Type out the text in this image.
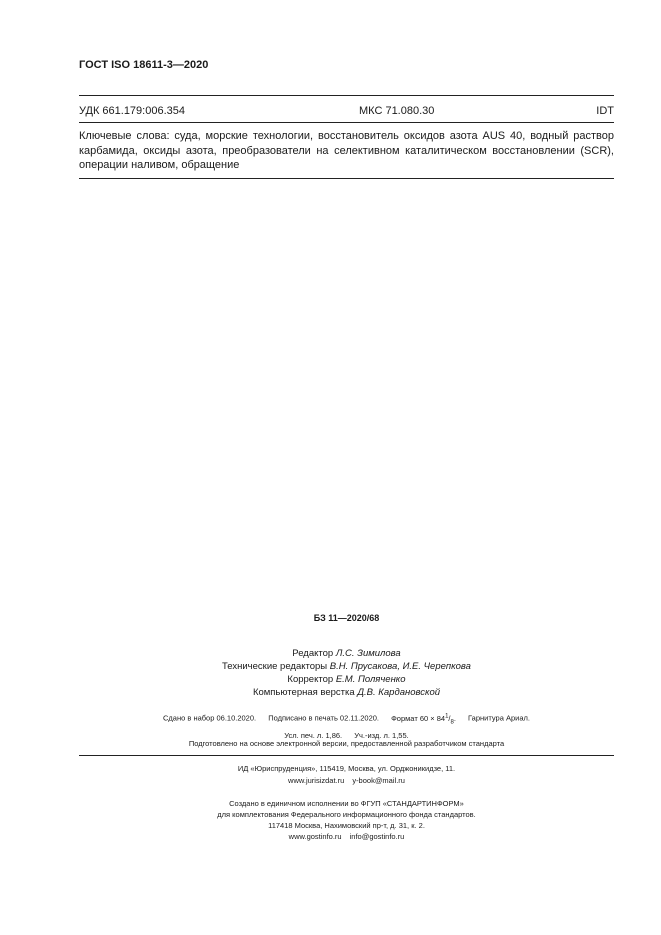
ГОСТ ISO 18611-3—2020
УДК 661.179:006.354	МКС 71.080.30	IDT
Ключевые слова: суда, морские технологии, восстановитель оксидов азота AUS 40, водный раствор карбамида, оксиды азота, преобразователи на селективном каталитическом восстановлении (SCR), операции наливом, обращение
БЗ 11—2020/68
Редактор Л.С. Зимилова
Технические редакторы В.Н. Прусакова, И.Е. Черепкова
Корректор Е.М. Поляченко
Компьютерная верстка Д.В. Кардановской
Сдано в набор 06.10.2020. Подписано в печать 02.11.2020. Формат $60 \times 84^1/_8$. Гарнитура Ариал.
Усл. печ. л. 1,86. Уч.-изд. л. 1,55.
Подготовлено на основе электронной версии, предоставленной разработчиком стандарта
ИД «Юриспруденция», 115419, Москва, ул. Орджоникидзе, 11.
www.jurisizdat.ru y-book@mail.ru
Создано в единичном исполнении во ФГУП «СТАНДАРТИНФОРМ»
для комплектования Федерального информационного фонда стандартов.
117418 Москва, Нахимовский пр-т, д. 31, к. 2.
www.gostinfo.ru info@gostinfo.ru
